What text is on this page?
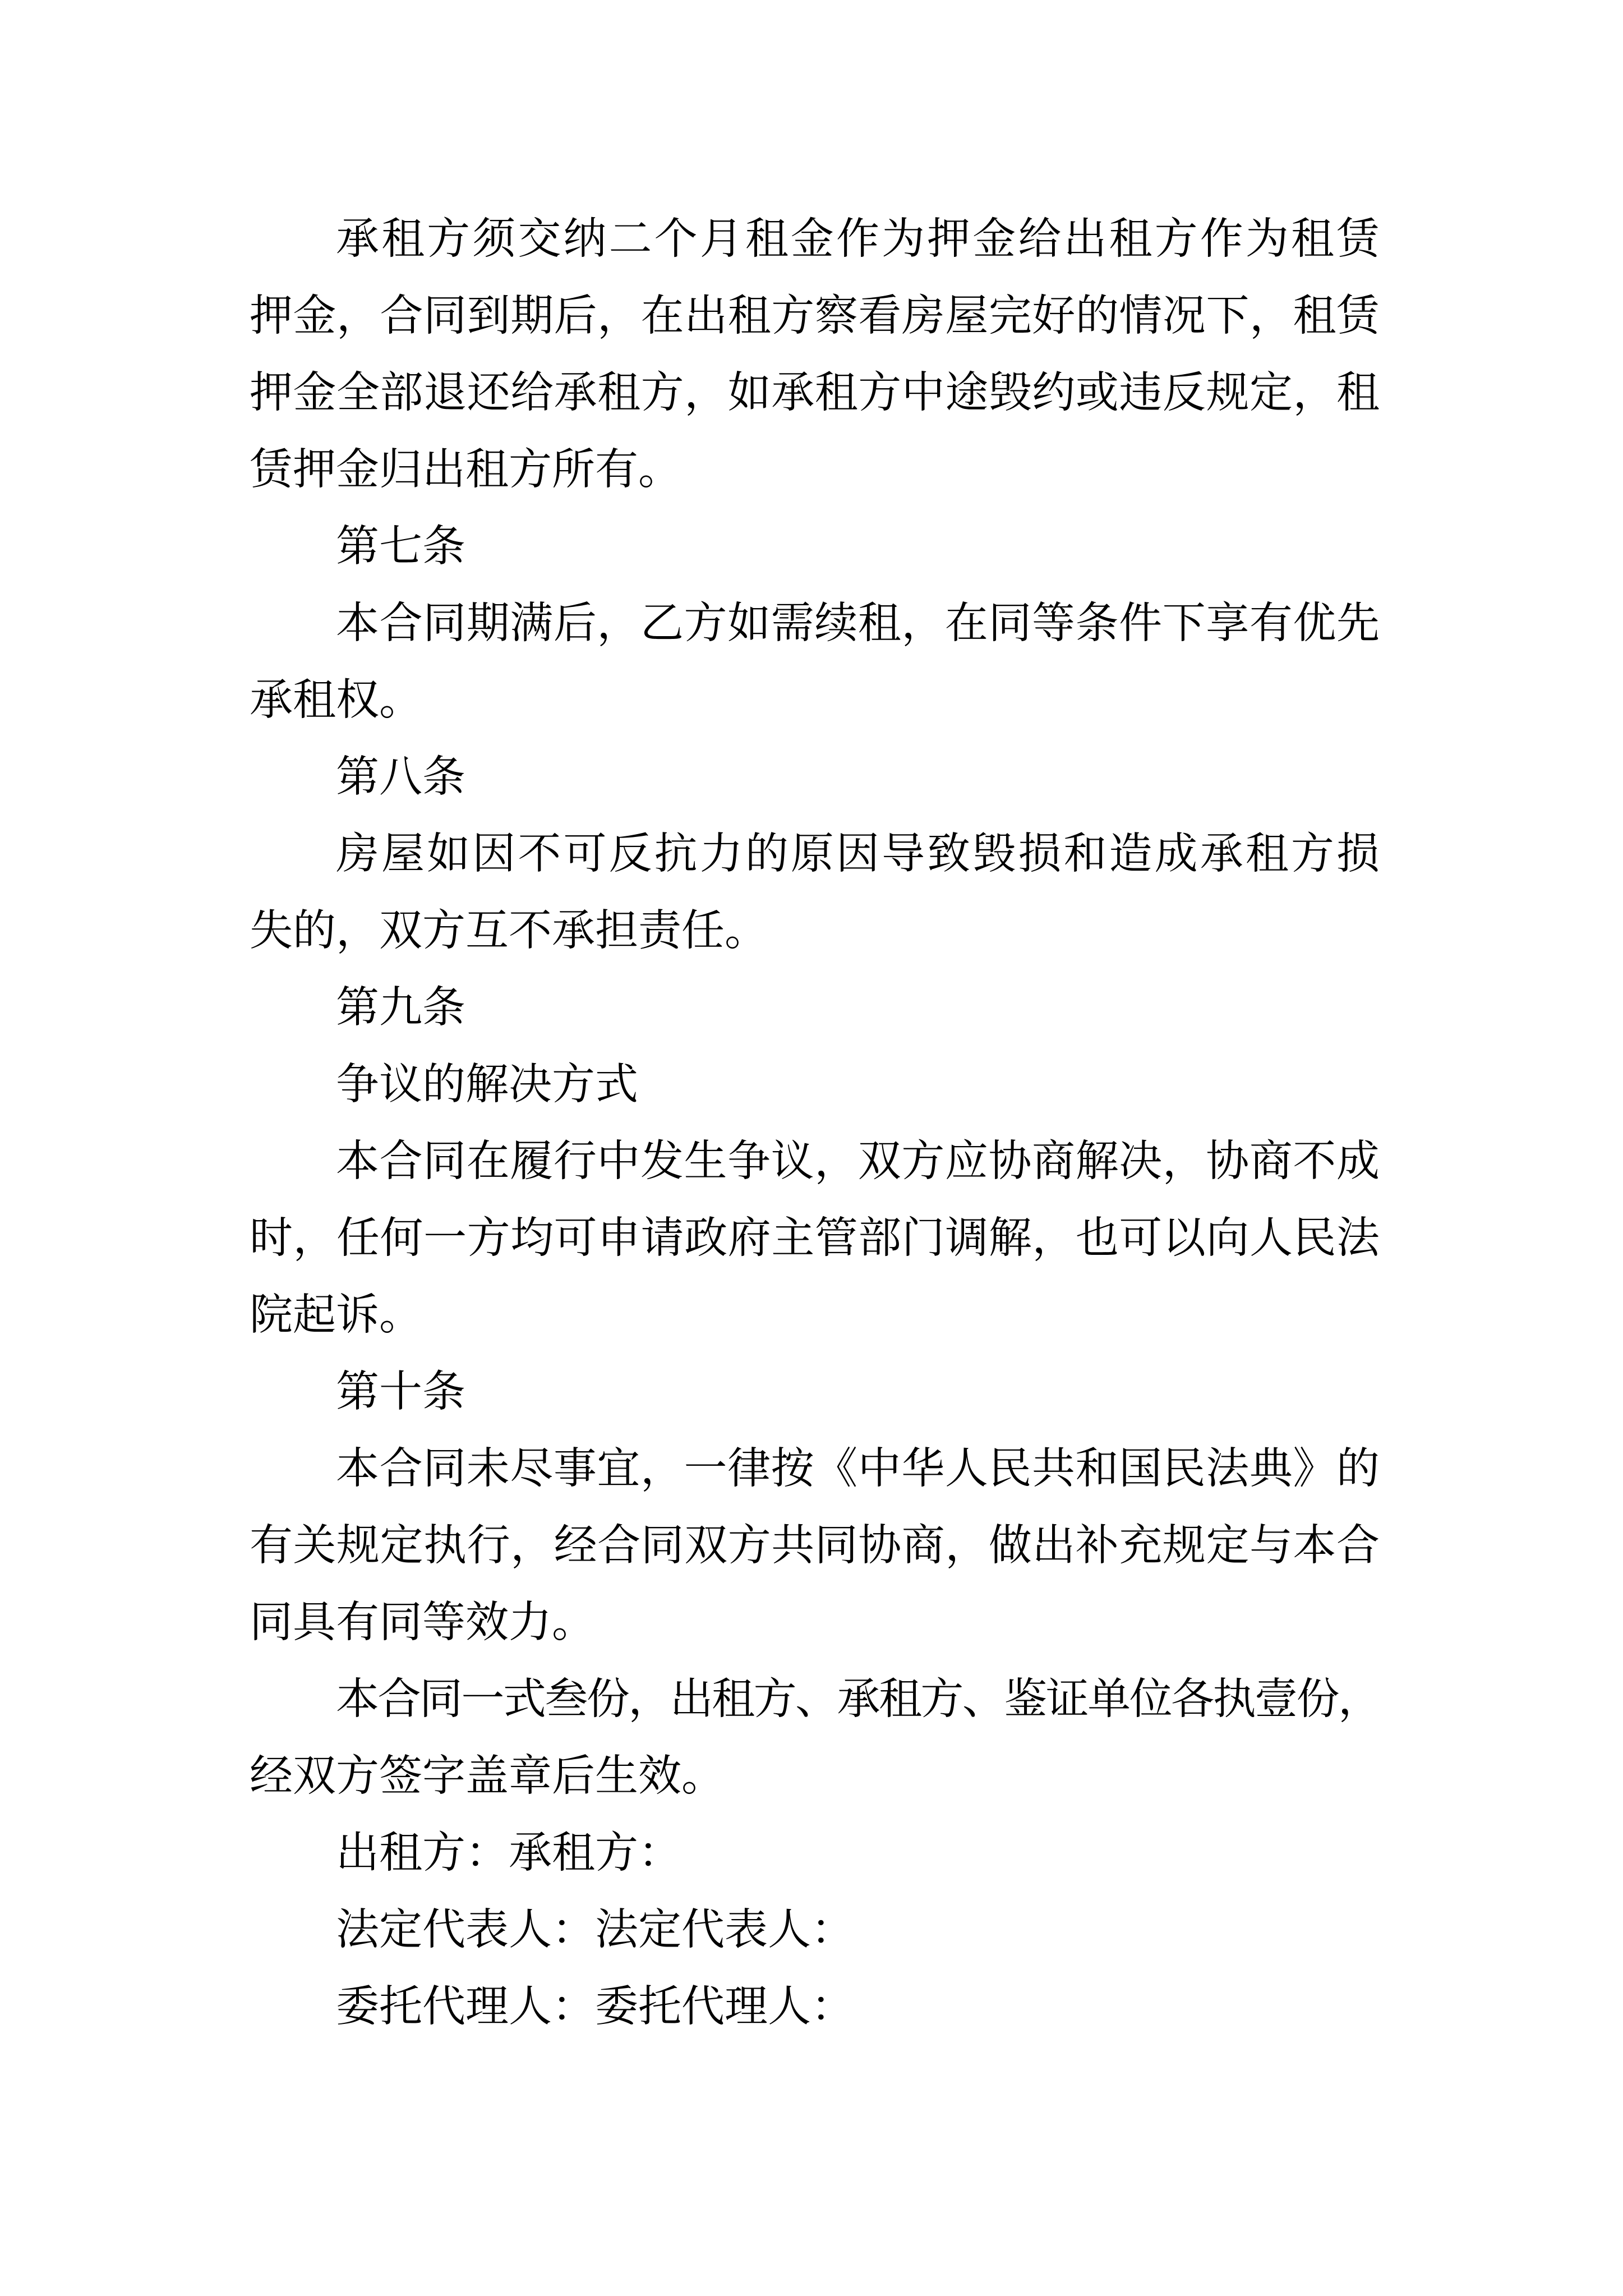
承租方须交纳二个月租金作为押金给出租方作为租赁
押金，合同到期后，在出租方察看房屋完好的情况下，租赁
押金全部退还给承租方，如承租方中途毁约或违反规定，租
赁押金归出租方所有。
第七条
本合同期满后，乙方如需续租，在同等条件下享有优先
承租权。
第八条
房屋如因不可反抗力的原因导致毁损和造成承租方损
失的，双方互不承担责任。
第九条
争议的解决方式
本合同在履行中发生争议，双方应协商解决，协商不成
时，任何一方均可申请政府主管部门调解，也可以向人民法
院起诉。
第十条
本合同未尽事宜，一律按《中华人民共和国民法典》的
有关规定执行，经合同双方共同协商，做出补充规定与本合
同具有同等效力。
本合同一式叁份，出租方、承租方、鉴证单位各执壹份，
经双方签字盖章后生效。
出租方：承租方：
法定代表人：法定代表人：
委托代理人：委托代理人：
